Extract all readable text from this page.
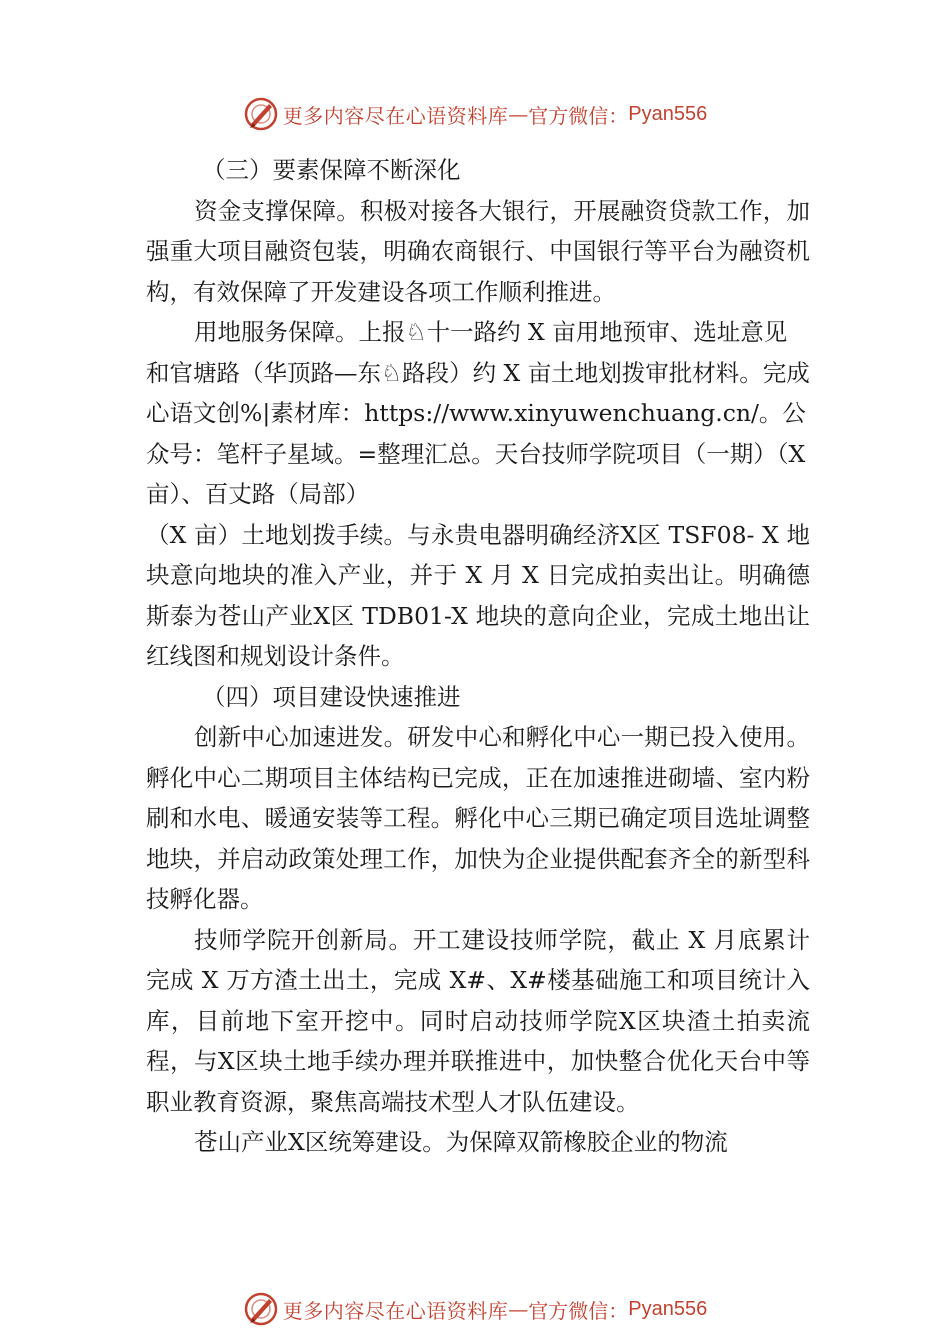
更多内容尽在心语资料库 — 官方微信： Pyan556

（三）要素保障不断深化

资金支撑保障。积极对接各大银行，开展融资贷款工作，加强重大项目融资包装，明确农商银行、中国银行等平台为融资机构，有效保障了开发建设各项工作顺利推进。

用地服务保障。上报♘十一路约 X 亩用地预审、选址意见和官塘路（华顶路—东♘路段）约 X 亩土地划拨审批材料。完成心语文创%|素材库：https://www.xinyuwenchuang.cn/。公众号：笔杆子星域。=整理汇总。天台技师学院项目（一期）（X 亩）、百丈路（局部）

（X 亩）土地划拨手续。与永贵电器明确经济Ⅹ区 TSF08- X 地块意向地块的准入产业，并于 X 月 X 日完成拍卖出让。明确德斯泰为苍山产业Ⅹ区 TDB01-X 地块的意向企业，完成土地出让红线图和规划设计条件。

（四）项目建设快速推进

创新中心加速进发。研发中心和孵化中心一期已投入使用。孵化中心二期项目主体结构已完成，正在加速推进砌墙、室内粉刷和水电、暖通安装等工程。孵化中心三期已确定项目选址调整地块，并启动政策处理工作，加快为企业提供配套齐全的新型科技孵化器。

技师学院开创新局。开工建设技师学院，截止 X 月底累计完成 X 万方渣土出土，完成 X#、X#楼基础施工和项目统计入库，目前地下室开挖中。同时启动技师学院Ⅹ区块渣土拍卖流程，与Ⅹ区块土地手续办理并联推进中，加快整合优化天台中等职业教育资源，聚焦高端技术型人才队伍建设。

苍山产业Ⅹ区统筹建设。为保障双箭橡胶企业的物流

更多内容尽在心语资料库 — 官方微信： Pyan556
